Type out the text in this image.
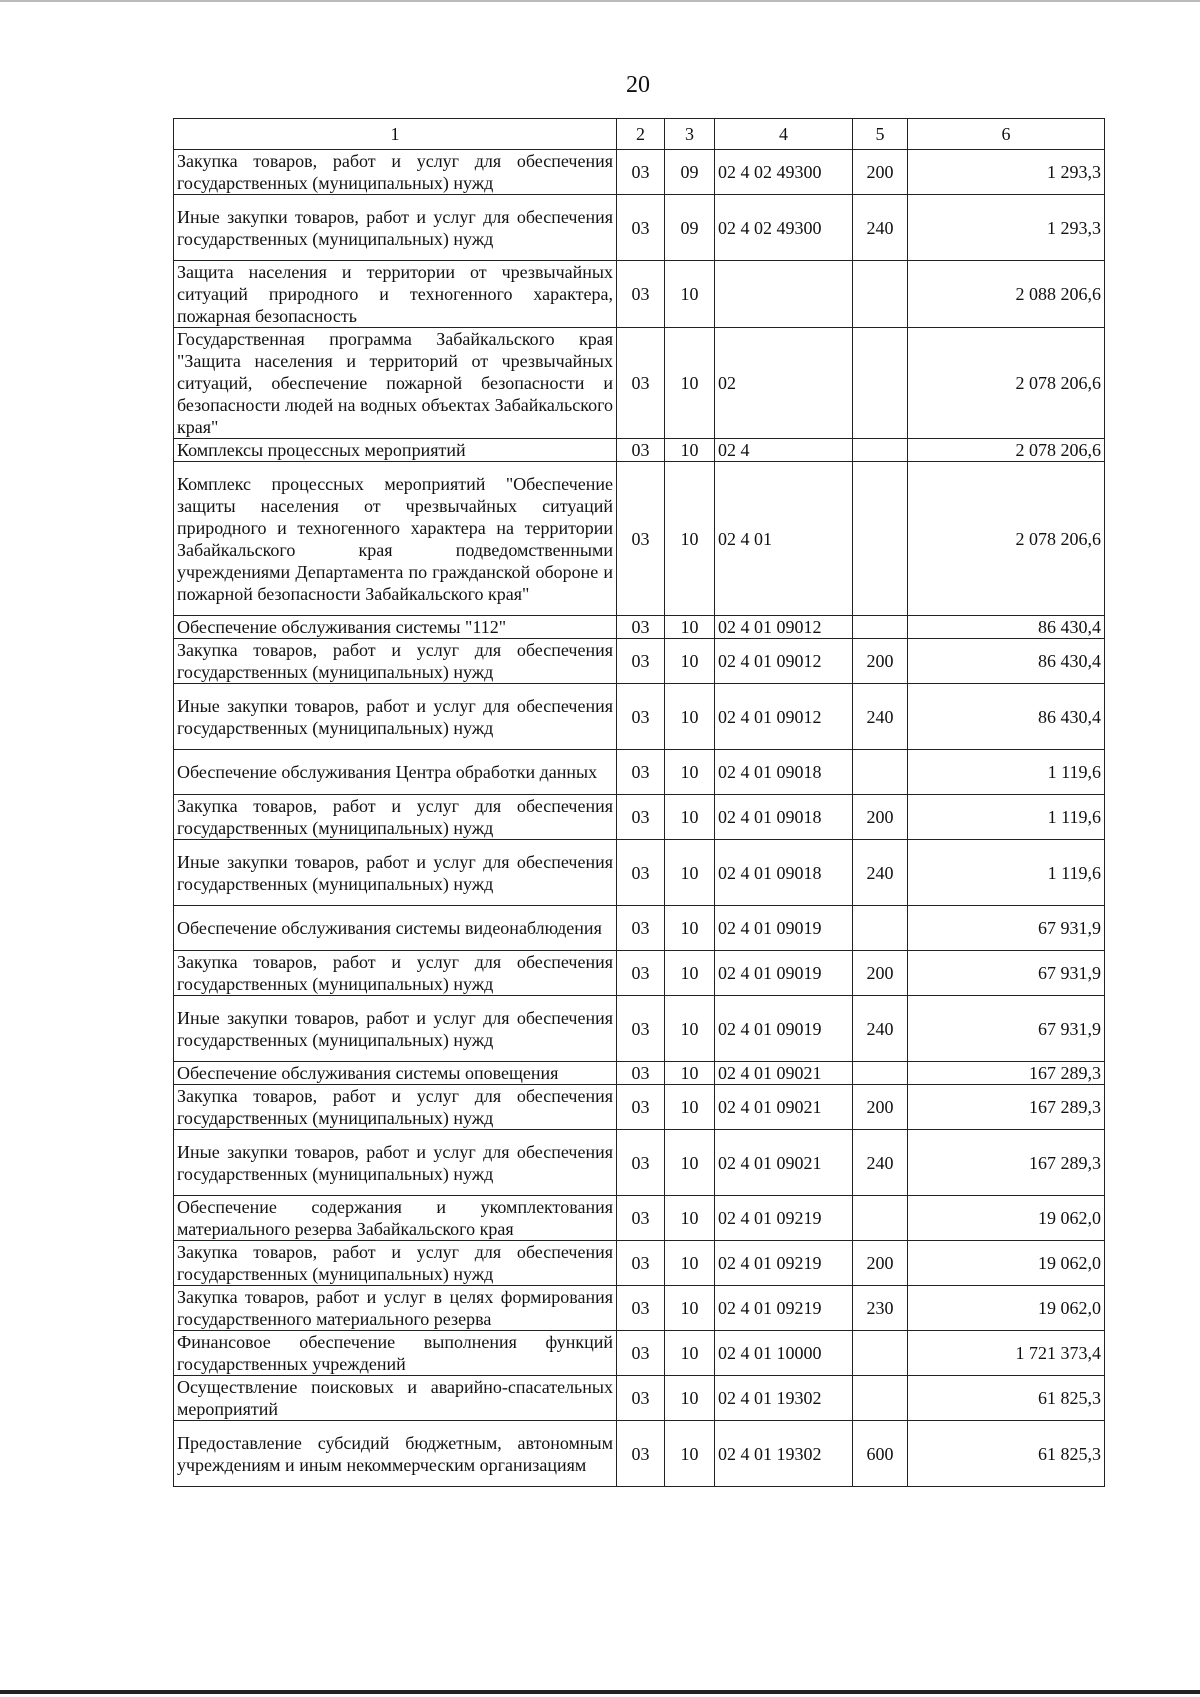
20
1	2	3	4	5	6
Закупка товаров, работ и услуг для обеспечения государственных (муниципальных) нужд	03	09	02 4 02 49300	200	1 293,3
Иные закупки товаров, работ и услуг для обеспечения государственных (муниципальных) нужд	03	09	02 4 02 49300	240	1 293,3
Защита населения и территории от чрезвычайных ситуаций природного и техногенного характера, пожарная безопасность	03	10			2 088 206,6
Государственная программа Забайкальского края "Защита населения и территорий от чрезвычайных ситуаций, обеспечение пожарной безопасности и безопасности людей на водных объектах Забайкальского края"	03	10	02		2 078 206,6
Комплексы процессных мероприятий	03	10	02 4		2 078 206,6
Комплекс процессных мероприятий "Обеспечение защиты населения от чрезвычайных ситуаций природного и техногенного характера на территории Забайкальского края подведомственными учреждениями Департамента по гражданской обороне и пожарной безопасности Забайкальского края"	03	10	02 4 01		2 078 206,6
Обеспечение обслуживания системы "112"	03	10	02 4 01 09012		86 430,4
Закупка товаров, работ и услуг для обеспечения государственных (муниципальных) нужд	03	10	02 4 01 09012	200	86 430,4
Иные закупки товаров, работ и услуг для обеспечения государственных (муниципальных) нужд	03	10	02 4 01 09012	240	86 430,4
Обеспечение обслуживания Центра обработки данных	03	10	02 4 01 09018		1 119,6
Закупка товаров, работ и услуг для обеспечения государственных (муниципальных) нужд	03	10	02 4 01 09018	200	1 119,6
Иные закупки товаров, работ и услуг для обеспечения государственных (муниципальных) нужд	03	10	02 4 01 09018	240	1 119,6
Обеспечение обслуживания системы видеонаблюдения	03	10	02 4 01 09019		67 931,9
Закупка товаров, работ и услуг для обеспечения государственных (муниципальных) нужд	03	10	02 4 01 09019	200	67 931,9
Иные закупки товаров, работ и услуг для обеспечения государственных (муниципальных) нужд	03	10	02 4 01 09019	240	67 931,9
Обеспечение обслуживания системы оповещения	03	10	02 4 01 09021		167 289,3
Закупка товаров, работ и услуг для обеспечения государственных (муниципальных) нужд	03	10	02 4 01 09021	200	167 289,3
Иные закупки товаров, работ и услуг для обеспечения государственных (муниципальных) нужд	03	10	02 4 01 09021	240	167 289,3
Обеспечение содержания и укомплектования материального резерва Забайкальского края	03	10	02 4 01 09219		19 062,0
Закупка товаров, работ и услуг для обеспечения государственных (муниципальных) нужд	03	10	02 4 01 09219	200	19 062,0
Закупка товаров, работ и услуг в целях формирования государственного материального резерва	03	10	02 4 01 09219	230	19 062,0
Финансовое обеспечение выполнения функций государственных учреждений	03	10	02 4 01 10000		1 721 373,4
Осуществление поисковых и аварийно-спасательных мероприятий	03	10	02 4 01 19302		61 825,3
Предоставление субсидий бюджетным, автономным учреждениям и иным некоммерческим организациям	03	10	02 4 01 19302	600	61 825,3
